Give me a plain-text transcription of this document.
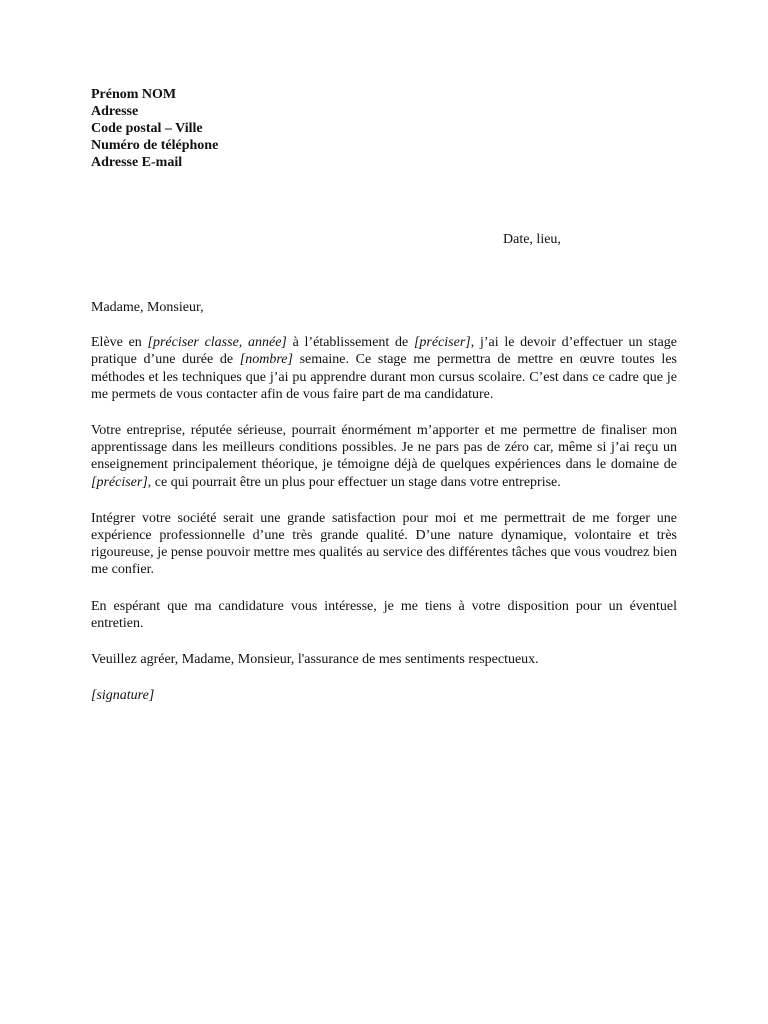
Prénom NOM
Adresse
Code postal – Ville
Numéro de téléphone
Adresse E-mail
Date, lieu,

Madame, Monsieur,

Elève en [préciser classe, année] à l’établissement de [préciser], j’ai le devoir d’effectuer un stage pratique d’une durée de [nombre] semaine. Ce stage me permettra de mettre en œuvre toutes les méthodes et les techniques que j’ai pu apprendre durant mon cursus scolaire. C’est dans ce cadre que je me permets de vous contacter afin de vous faire part de ma candidature.

Votre entreprise, réputée sérieuse, pourrait énormément m’apporter et me permettre de finaliser mon apprentissage dans les meilleurs conditions possibles. Je ne pars pas de zéro car, même si j’ai reçu un enseignement principalement théorique, je témoigne déjà de quelques expériences dans le domaine de [préciser], ce qui pourrait être un plus pour effectuer un stage dans votre entreprise.

Intégrer votre société serait une grande satisfaction pour moi et me permettrait de me forger une expérience professionnelle d’une très grande qualité. D’une nature dynamique, volontaire et très rigoureuse, je pense pouvoir mettre mes qualités au service des différentes tâches que vous voudrez bien me confier.

En espérant que ma candidature vous intéresse, je me tiens à votre disposition pour un éventuel entretien.

Veuillez agréer, Madame, Monsieur, l'assurance de mes sentiments respectueux.

[signature]
